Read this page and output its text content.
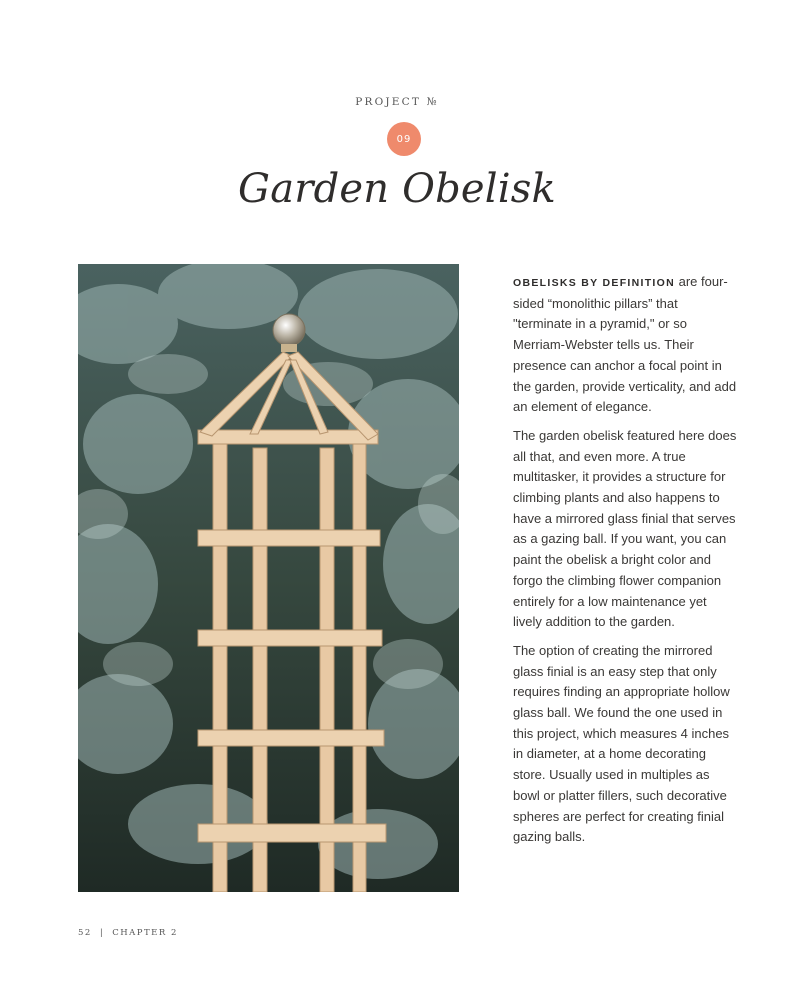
PROJECT №
09
Garden Obelisk

OBELISKS BY DEFINITION are four- sided “monolithic pillars” that "terminate in a pyramid," or so Merriam-Webster tells us. Their presence can anchor a focal point in the garden, provide verticality, and add an element of elegance.

The garden obelisk featured here does all that, and even more. A true multitasker, it provides a structure for climbing plants and also happens to have a mirrored glass finial that serves as a gazing ball. If you want, you can paint the obelisk a bright color and forgo the climbing flower companion entirely for a low maintenance yet lively addition to the garden.

The option of creating the mirrored glass finial is an easy step that only requires finding an appropriate hollow glass ball. We found the one used in this project, which measures 4 inches in diameter, at a home decorating store. Usually used in multiples as bowl or platter fillers, such decorative spheres are perfect for creating finial gazing balls.

52 | CHAPTER 2
